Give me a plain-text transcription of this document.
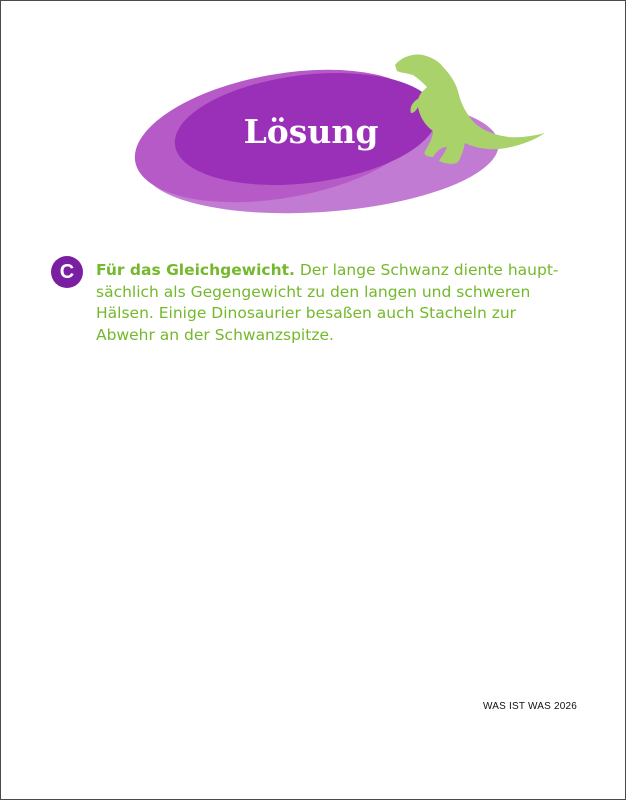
Lösung
C	Für das Gleichgewicht. Der lange Schwanz diente haupt-sächlich als Gegengewicht zu den langen und schweren Hälsen. Einige Dinosaurier besaßen auch Stacheln zur Abwehr an der Schwanzspitze.

WAS IST WAS 2026
